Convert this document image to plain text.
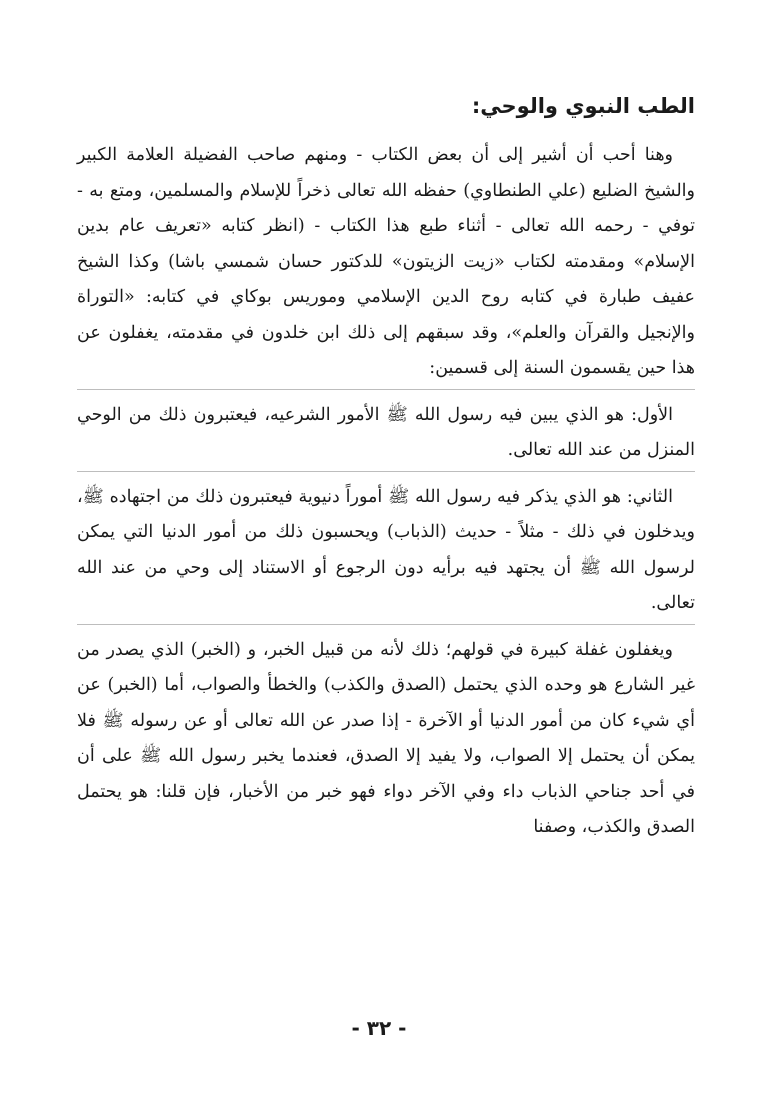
الطب النبوي والوحي:

وهنا أحب أن أشير إلى أن بعض الكتاب - ومنهم صاحب الفضيلة العلامة الكبير والشيخ الضليع (علي الطنطاوي) حفظه الله تعالى ذخراً للإسلام والمسلمين، ومتع به - توفي - رحمه الله تعالى - أثناء طبع هذا الكتاب - (انظر كتابه «تعريف عام بدين الإسلام» ومقدمته لكتاب «زيت الزيتون» للدكتور حسان شمسي باشا) وكذا الشيخ عفيف طبارة في كتابه روح الدين الإسلامي وموريس بوكاي في كتابه: «التوراة والإنجيل والقرآن والعلم»، وقد سبقهم إلى ذلك ابن خلدون في مقدمته، يغفلون عن هذا حين يقسمون السنة إلى قسمين:

الأول: هو الذي يبين فيه رسول الله ﷺ الأمور الشرعيه، فيعتبرون ذلك من الوحي المنزل من عند الله تعالى.

الثاني: هو الذي يذكر فيه رسول الله ﷺ أموراً دنيوية فيعتبرون ذلك من اجتهاده ﷺ، ويدخلون في ذلك - مثلاً - حديث (الذباب) ويحسبون ذلك من أمور الدنيا التي يمكن لرسول الله ﷺ أن يجتهد فيه برأيه دون الرجوع أو الاستناد إلى وحي من عند الله تعالى.

ويغفلون غفلة كبيرة في قولهم؛ ذلك لأنه من قبيل الخبر، و (الخبر) الذي يصدر من غير الشارع هو وحده الذي يحتمل (الصدق والكذب) والخطأ والصواب، أما (الخبر) عن أي شيء كان من أمور الدنيا أو الآخرة - إذا صدر عن الله تعالى أو عن رسوله ﷺ فلا يمكن أن يحتمل إلا الصواب، ولا يفيد إلا الصدق، فعندما يخبر رسول الله ﷺ على أن في أحد جناحي الذباب داء وفي الآخر دواء فهو خبر من الأخبار، فإن قلنا: هو يحتمل الصدق والكذب، وصفنا

- ٣٢ -
